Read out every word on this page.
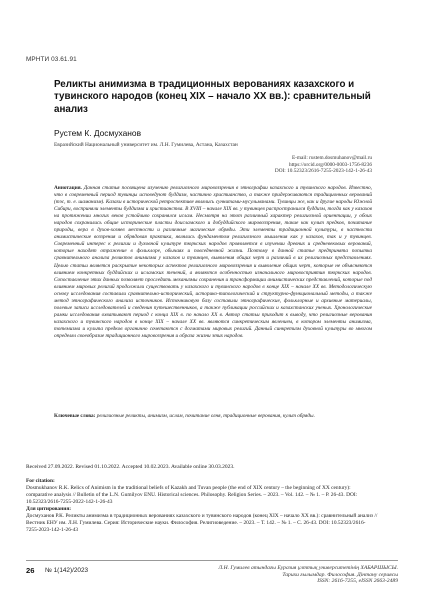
МРНТИ 03.61.91
Реликты анимизма в традиционных верованиях казахского и тувинского народов (конец XIX – начало XX вв.): сравнительный анализ
Рустем К. Досмуханов
Евразийский Национальный университет им. Л.Н. Гумилева, Астана, Казахстан
E-mail: rustem.dosmuhanov@mail.ru
https://orcid.org/0000-0003-1756-8236
DOI: 10.52323/2616-7255-2023-142-1-26-43

Аннотация. Данная статья посвящена изучению религиозного мировоззрения в этнографии казахского и тувинского народов. Известно, что в современный период тувинцы исповедуют буддизм, частично христианство, а также придерживаются традиционных верований (тэс, т. е. шаманизм). Казахи в исторической ретроспективе являлись суннитами-мусульманами. Тувинцы же, как и другие народы Южной Сибири, восприняли элементы буддизма и христианства. В XVIII – начале XIX вв. у тувинцев распространился буддизм, тогда как у казахов на протяжении многих веков устойчиво сохранялся ислам. Несмотря на этот различный характер религиозной ориентации, у обоих народов сохранились общие исторические пласты доисламского и добуддийского мировоззрения, такие как культ предков, почитание природы, вера в духов-хозяев местности и различные магические обряды. Эти элементы традиционной культуры, в частности анимистические воззрения и обрядовая практика, являлись фундаментом религиозного мышления как у казахов, так и у тувинцев. Современный интерес к религии и духовной культуре тюркских народов проявляется в изучении древних и средневековых верований, которые находят отражение в фольклоре, обычаях и повседневной жизни. Поэтому в данной статье предпринята попытка сравнительного анализа реликтов анимизма у казахов и тувинцев, выявления общих черт и различий в их религиозных представлениях. Целью статьи является раскрытие некоторых аспектов религиозного мировоззрения и выявление общих черт, которые не объясняются влиянием конкретных буддийских и исламских течений, а являются особенностью изначального мировосприятия тюркских народов. Сопоставление этих данных позволяет проследить механизмы сохранения и трансформации анимистических представлений, которые под влиянием мировых религий продолжали существовать у казахского и тувинского народов в конце XIX – начале XX вв. Методологическую основу исследования составили сравнительно-исторический, историко-типологический и структурно-функциональный методы, а также метод этнографического анализа источников. Источниковую базу составили этнографические, фольклорные и архивные материалы, полевые записи исследователей и сведения путешественников, а также публикации российских и казахстанских ученых. Хронологические рамки исследования охватывают период с конца XIX в. по начало XX в. Автор статьи приходит к выводу, что религиозные верования казахского и тувинского народов в конце XIX – начале XX вв. являются синкретическим явлением, в котором элементы анимизма, тотемизма и культа предков органично сочетаются с догматами мировых религий. Данный синкретизм духовной культуры во многом определял своеобразие традиционного мировоззрения и образа жизни этих народов.

Ключевые слова: религиозные реликты, анимизм, ислам, почитание огня, традиционные верования, культ обряды.
Received 27.09.2022. Revised 01.10.2022. Accepted 10.02.2023. Available online 30.03.2023.

For citation:

Dosmukhanov R.K. Relics of Animism in the traditional beliefs of Kazakh and Tuvan people (the end of XIX century – the beginning of XX century): comparative analysis // Bulletin of the L.N. Gumilyov ENU. Historical sciences. Philosophy. Religion Series. – 2023. – Vol. 142. – № 1. – P. 26-43. DOI: 10.52323/2616-7255-2022-142-1-26-43

Для цитирования:

Досмуханов Р.К. Реликты анимизма в традиционных верованиях казахского и тувинского народов (конец XIX – начало XX вв.): сравнительный анализ // Вестник ЕНУ им. Л.Н. Гумилева. Серия: Исторические науки. Философия. Религиоведение. – 2023. – Т. 142. – № 1. – С. 26-43. DOI: 10.52323/2616-7255-2023-142-1-26-43

26 № 1(142)/2023	Л.Н. Гумилев атындағы Еуразия ұлттық университетінің ХАБАРШЫСЫ.
Тарихи ғылымдар. Философия. Дінтану сериясы
ISSN: 2616-7255, eISSN 2663-2489
